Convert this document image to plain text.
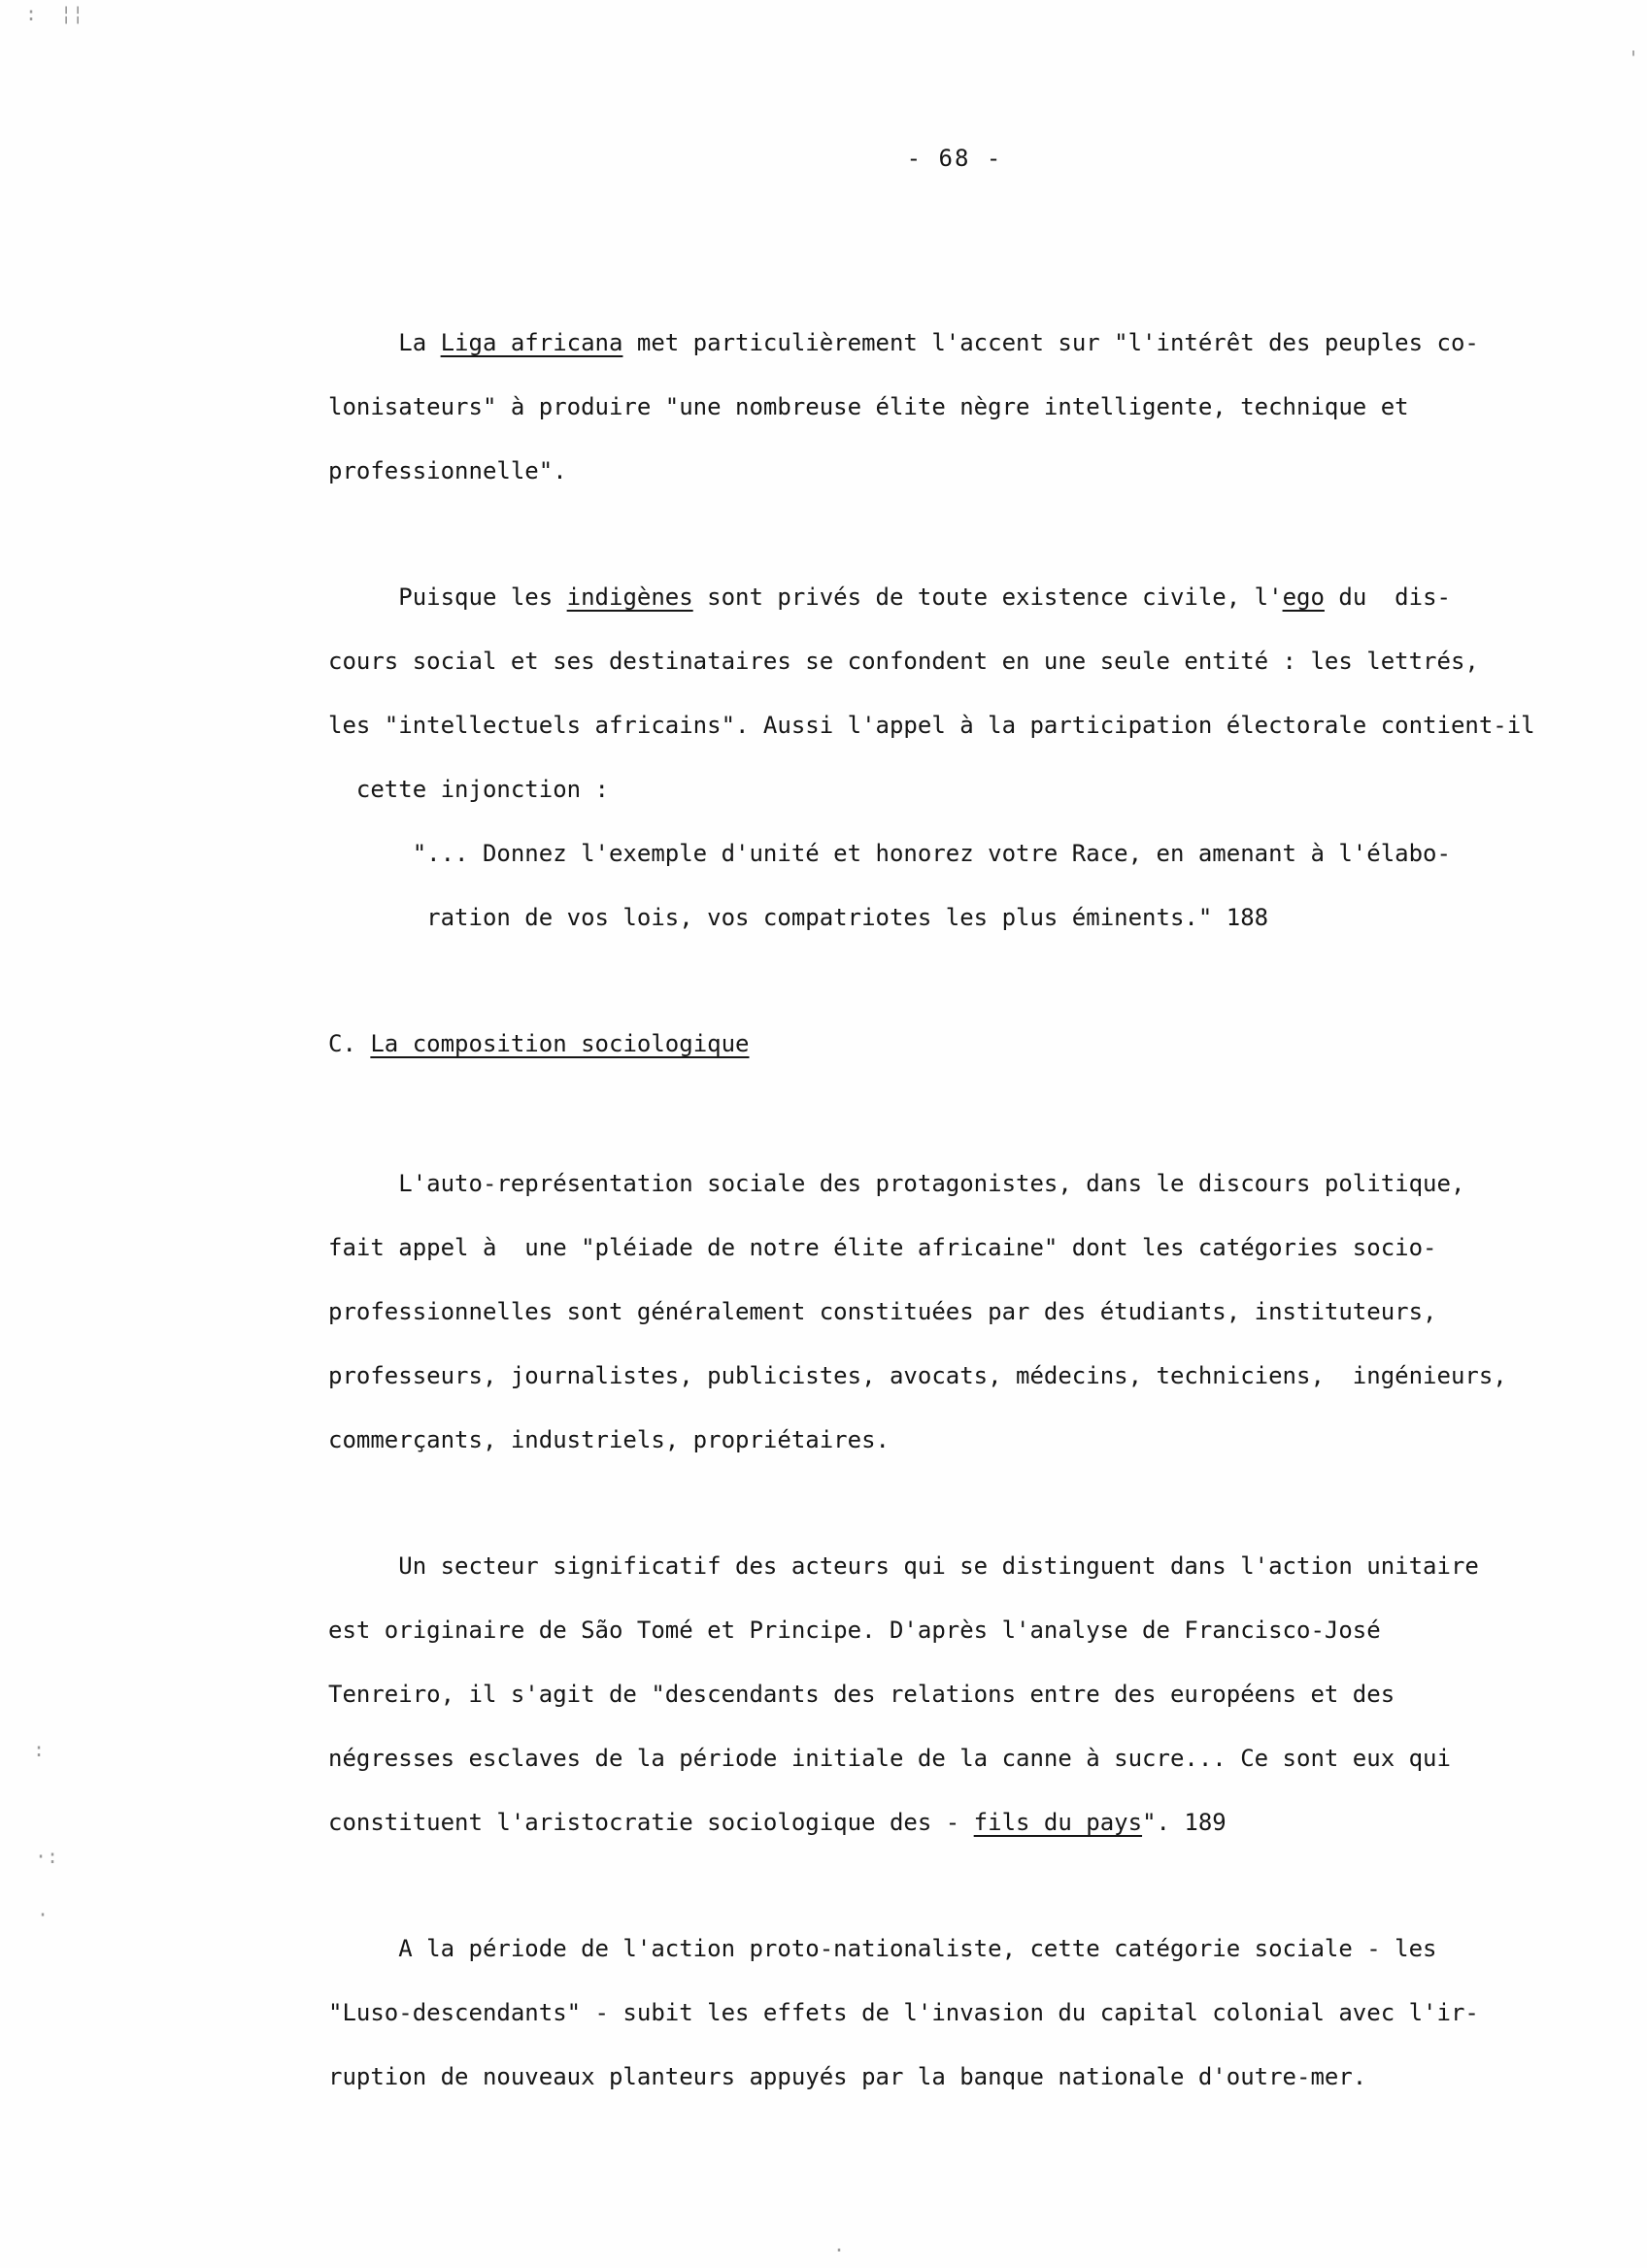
- 68 -
La Liga africana met particulièrement l'accent sur "l'intérêt des peuples co-
lonisateurs" à produire "une nombreuse élite nègre intelligente, technique et
professionnelle".
Puisque les indigènes sont privés de toute existence civile, l'ego du  dis-
cours social et ses destinataires se confondent en une seule entité : les lettrés,
les "intellectuels africains". Aussi l'appel à la participation électorale contient-il
cette injonction :
"... Donnez l'exemple d'unité et honorez votre Race, en amenant à l'élabo-
ration de vos lois, vos compatriotes les plus éminents." 188
C. La composition sociologique
L'auto-représentation sociale des protagonistes, dans le discours politique,
fait appel à  une "pléiade de notre élite africaine" dont les catégories socio-
professionnelles sont généralement constituées par des étudiants, instituteurs,
professeurs, journalistes, publicistes, avocats, médecins, techniciens,  ingénieurs,
commerçants, industriels, propriétaires.
Un secteur significatif des acteurs qui se distinguent dans l'action unitaire
est originaire de São Tomé et Principe. D'après l'analyse de Francisco-José
Tenreiro, il s'agit de "descendants des relations entre des européens et des
négresses esclaves de la période initiale de la canne à sucre... Ce sont eux qui
constituent l'aristocratie sociologique des - fils du pays". 189
A la période de l'action proto-nationaliste, cette catégorie sociale - les
"Luso-descendants" - subit les effets de l'invasion du capital colonial avec l'ir-
ruption de nouveaux planteurs appuyés par la banque nationale d'outre-mer.
:  ¦¦
'
:
·:
·
.
